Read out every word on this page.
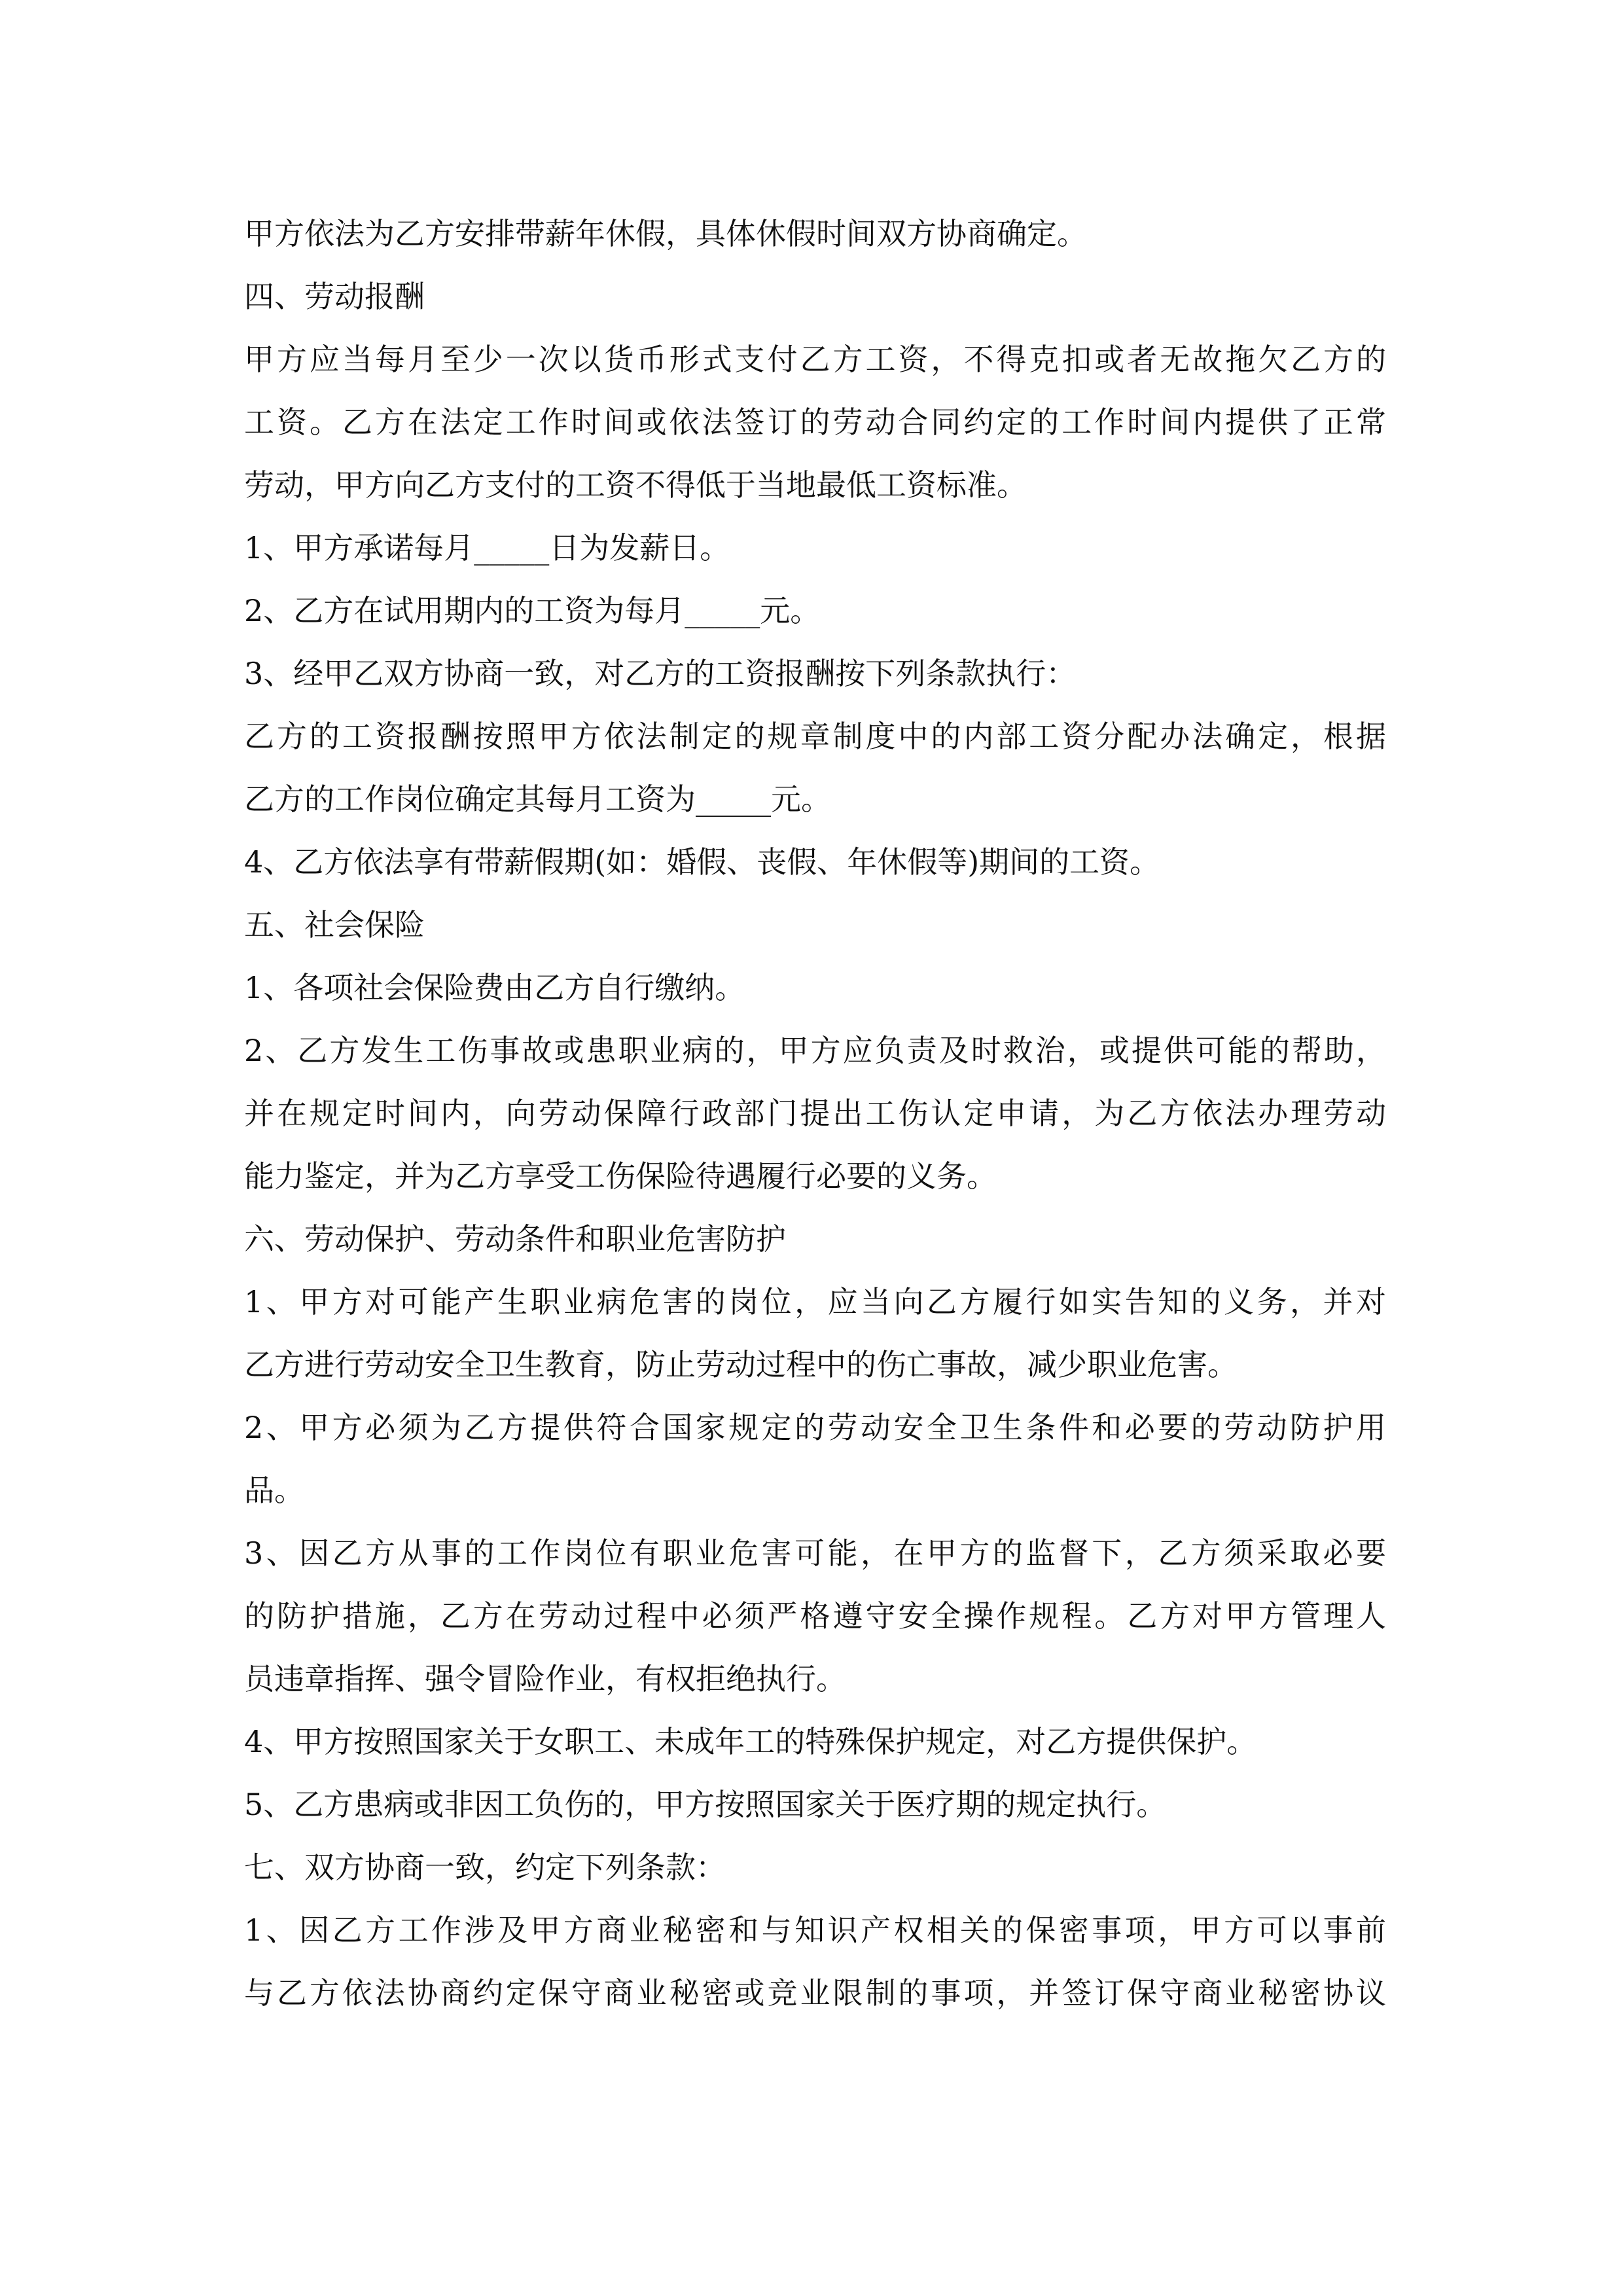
甲方依法为乙方安排带薪年休假，具体休假时间双方协商确定。
四、劳动报酬
甲方应当每月至少一次以货币形式支付乙方工资，不得克扣或者无故拖欠乙方的
工资。乙方在法定工作时间或依法签订的劳动合同约定的工作时间内提供了正常
劳动，甲方向乙方支付的工资不得低于当地最低工资标准。
1、甲方承诺每月_____日为发薪日。
2、乙方在试用期内的工资为每月_____元。
3、经甲乙双方协商一致，对乙方的工资报酬按下列条款执行：
乙方的工资报酬按照甲方依法制定的规章制度中的内部工资分配办法确定，根据
乙方的工作岗位确定其每月工资为_____元。
4、乙方依法享有带薪假期(如：婚假、丧假、年休假等)期间的工资。
五、社会保险
1、各项社会保险费由乙方自行缴纳。
2、乙方发生工伤事故或患职业病的，甲方应负责及时救治，或提供可能的帮助，
并在规定时间内，向劳动保障行政部门提出工伤认定申请，为乙方依法办理劳动
能力鉴定，并为乙方享受工伤保险待遇履行必要的义务。
六、劳动保护、劳动条件和职业危害防护
1、甲方对可能产生职业病危害的岗位，应当向乙方履行如实告知的义务，并对
乙方进行劳动安全卫生教育，防止劳动过程中的伤亡事故，减少职业危害。
2、甲方必须为乙方提供符合国家规定的劳动安全卫生条件和必要的劳动防护用
品。
3、因乙方从事的工作岗位有职业危害可能，在甲方的监督下，乙方须采取必要
的防护措施，乙方在劳动过程中必须严格遵守安全操作规程。乙方对甲方管理人
员违章指挥、强令冒险作业，有权拒绝执行。
4、甲方按照国家关于女职工、未成年工的特殊保护规定，对乙方提供保护。
5、乙方患病或非因工负伤的，甲方按照国家关于医疗期的规定执行。
七、双方协商一致，约定下列条款：
1、因乙方工作涉及甲方商业秘密和与知识产权相关的保密事项，甲方可以事前
与乙方依法协商约定保守商业秘密或竞业限制的事项，并签订保守商业秘密协议
